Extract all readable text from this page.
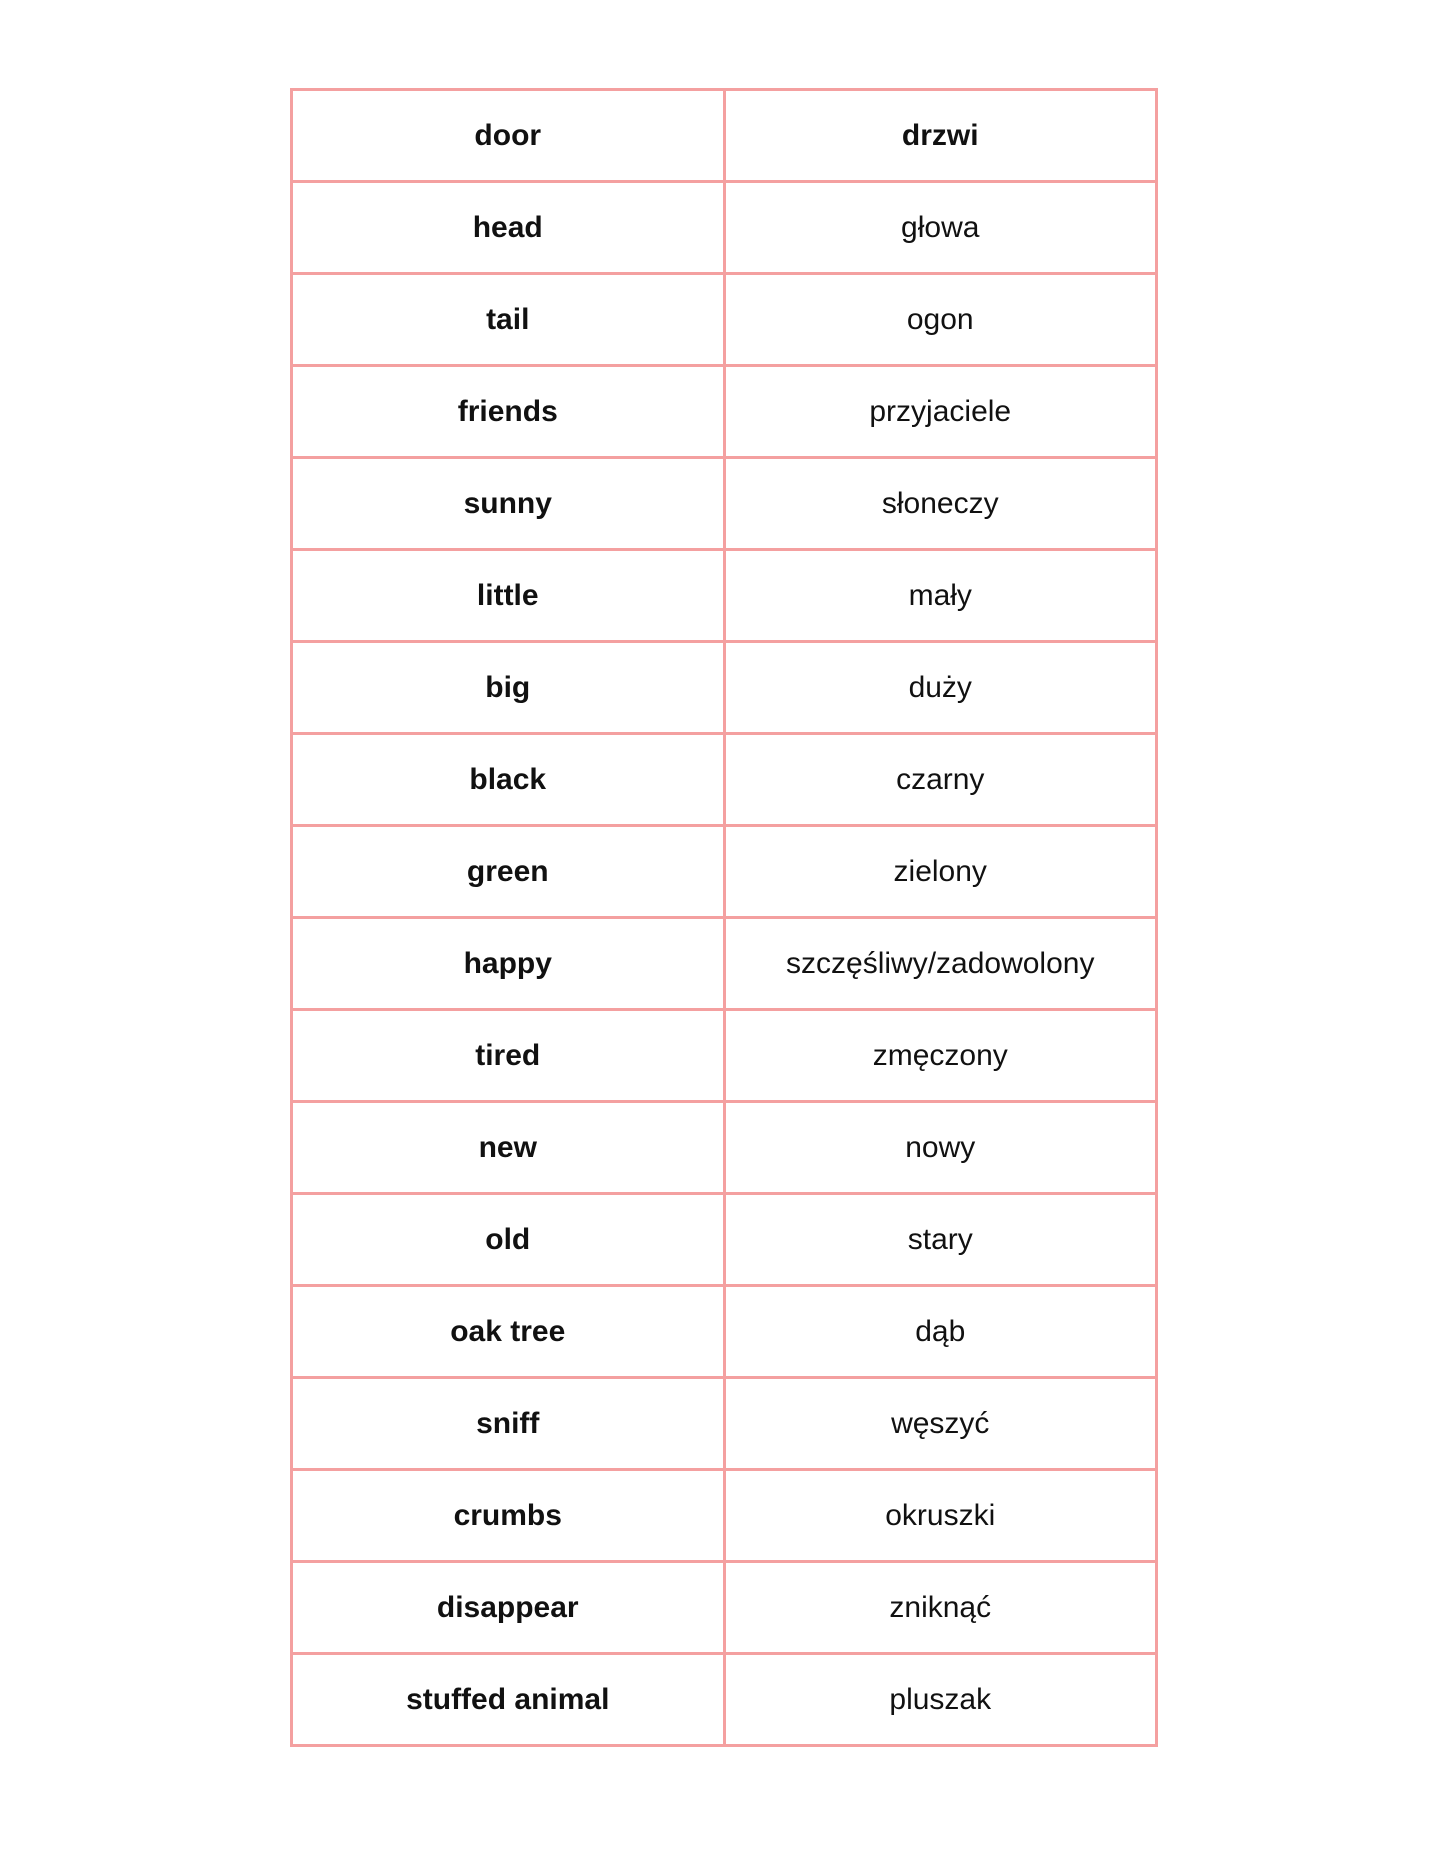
door	drzwi
head	głowa
tail	ogon
friends	przyjaciele
sunny	słoneczy
little	mały
big	duży
black	czarny
green	zielony
happy	szczęśliwy/zadowolony
tired	zmęczony
new	nowy
old	stary
oak tree	dąb
sniff	węszyć
crumbs	okruszki
disappear	zniknąć
stuffed animal	pluszak
